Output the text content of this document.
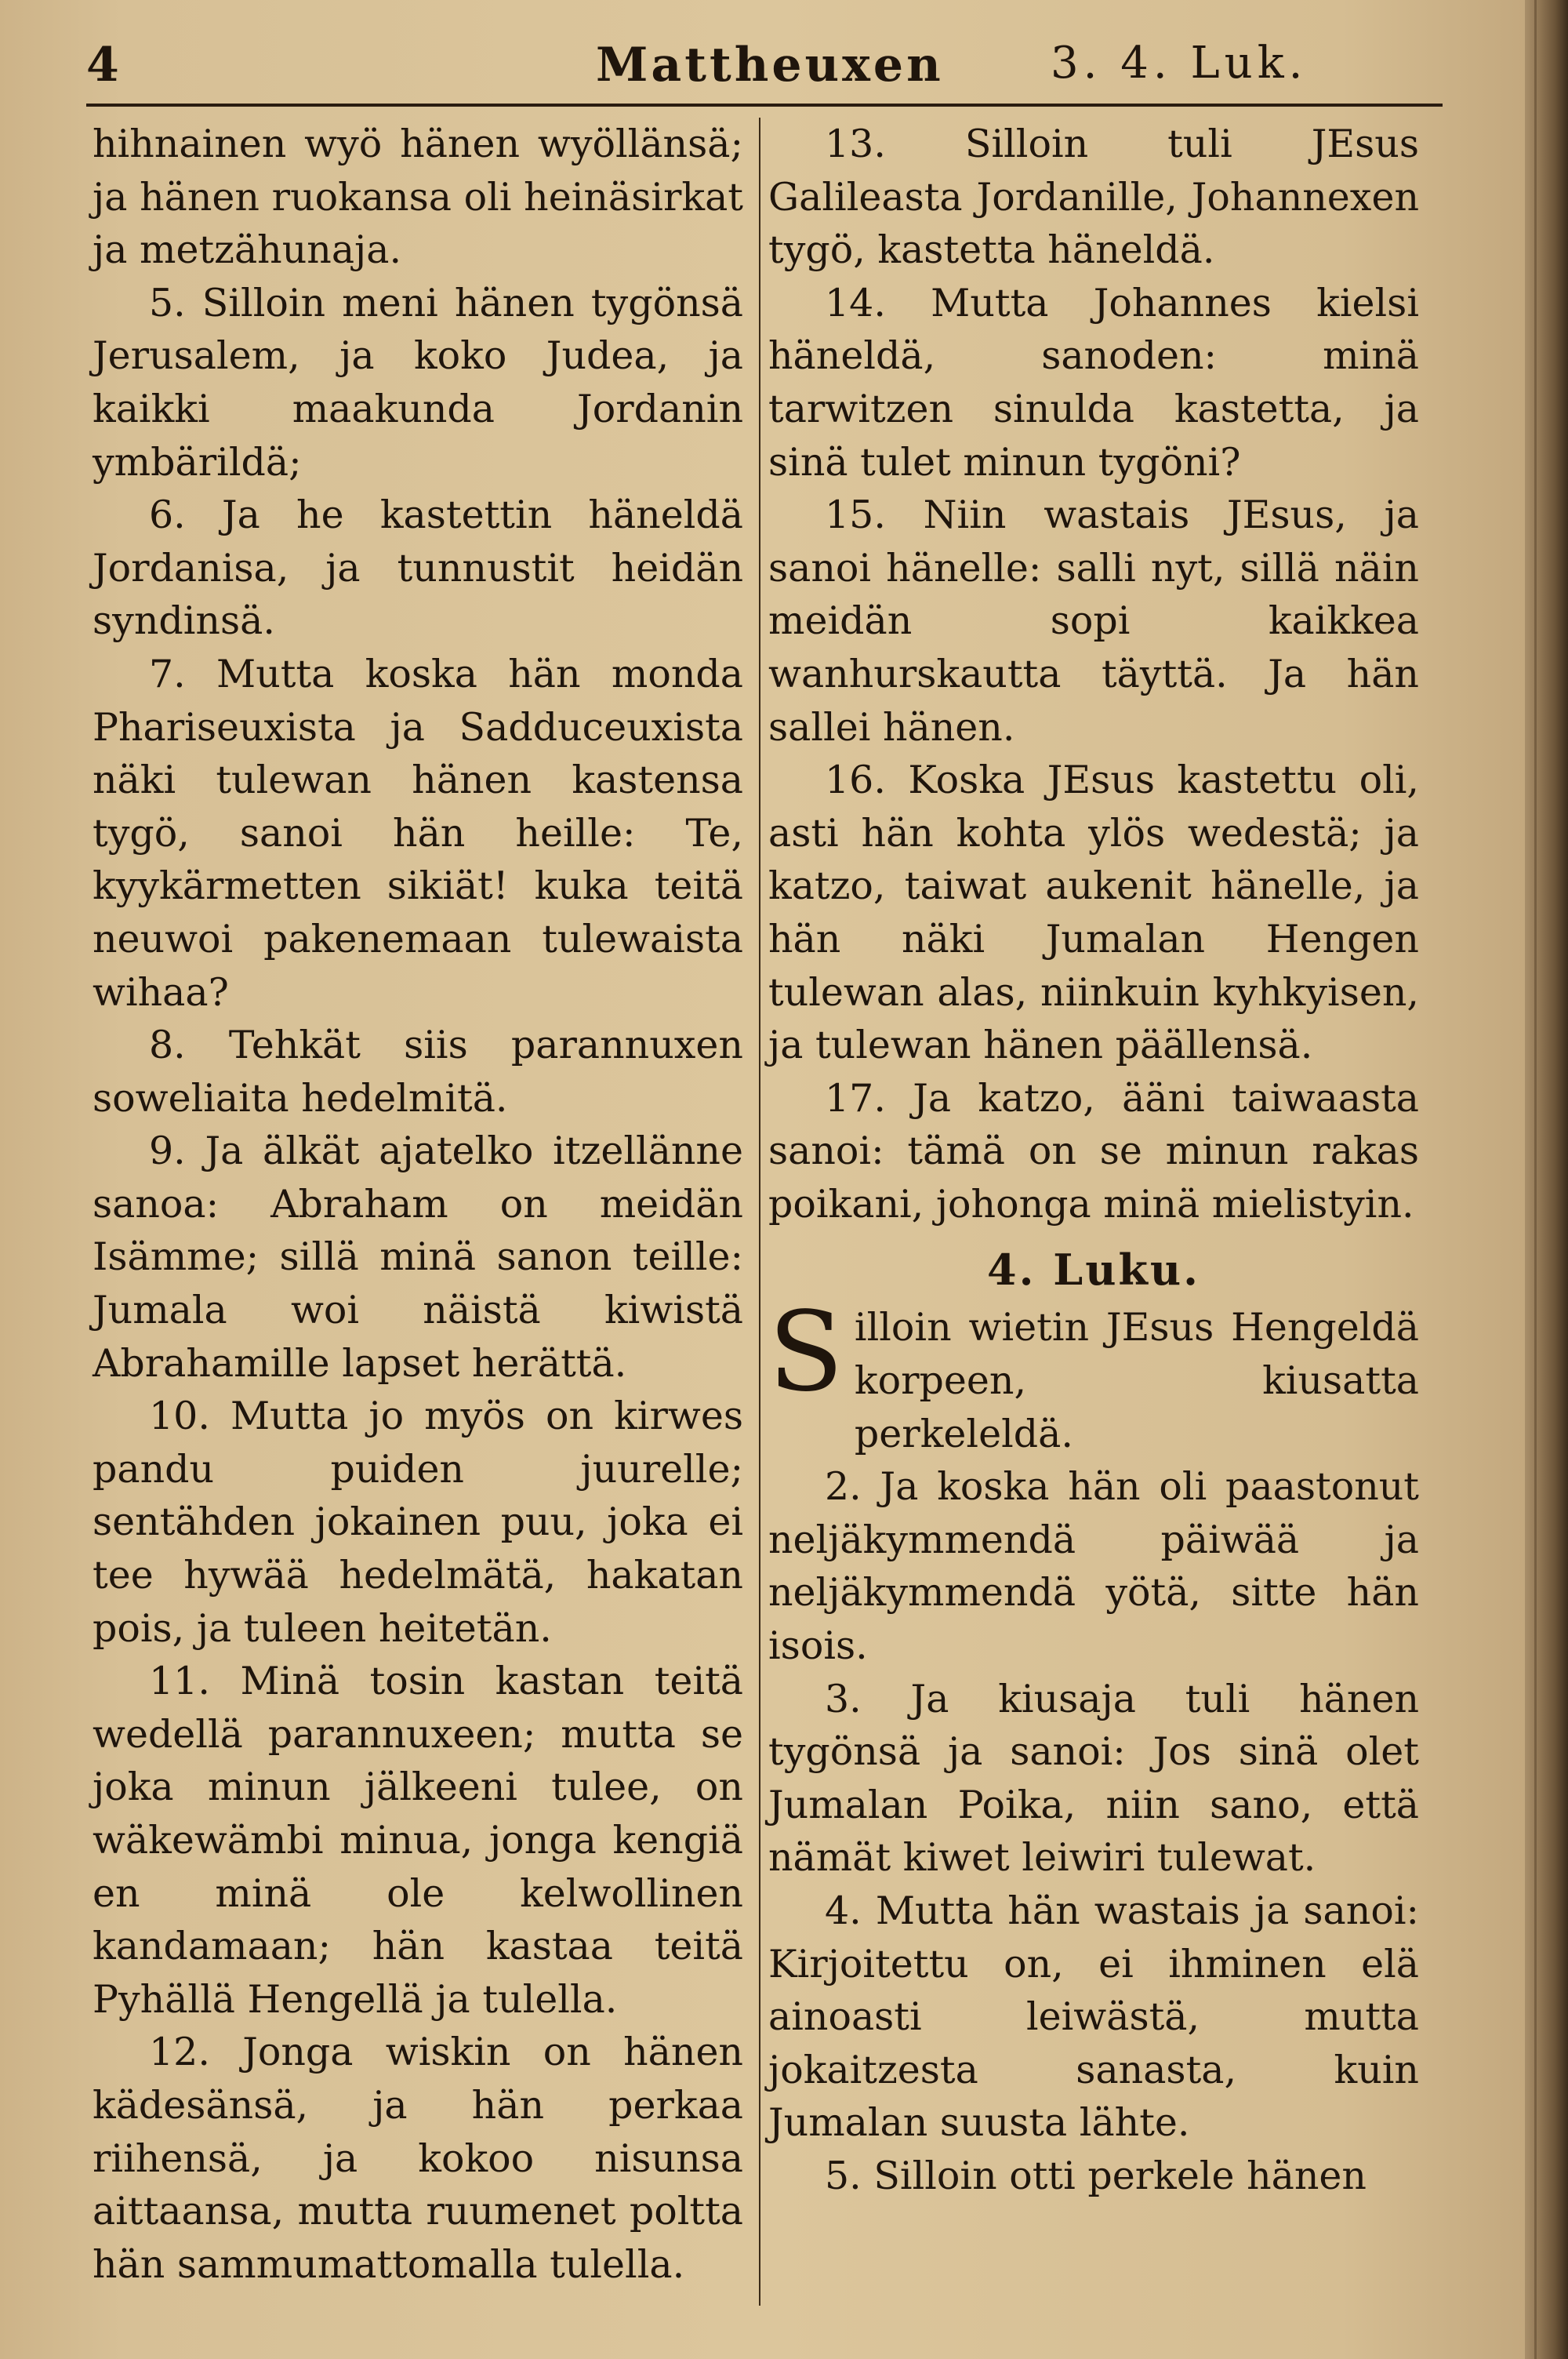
4	Mattheuxen 3. 4. Luk.

hihnainen wyö hänen wyöllänsä; ja hänen ruokansa oli heinäsirkat ja metzähunaja.

5. Silloin meni hänen tygönsä Jerusalem, ja koko Judea, ja kaikki maakunda Jordanin ymbärildä;

6. Ja he kastettin häneldä Jordanisa, ja tunnustit heidän syndinsä.

7. Mutta koska hän monda Phariseuxista ja Sadduceuxista näki tulewan hänen kastensa tygö, sanoi hän heille: Te, kyykärmetten sikiät! kuka teitä neuwoi pakenemaan tulewaista wihaa?

8. Tehkät siis parannuxen soweliaita hedelmitä.

9. Ja älkät ajatelko itzellänne sanoa: Abraham on meidän Isämme; sillä minä sanon teille: Jumala woi näistä kiwistä Abrahamille lapset herättä.

10. Mutta jo myös on kirwes pandu puiden juurelle; sentähden jokainen puu, joka ei tee hywää hedelmätä, hakatan pois, ja tuleen heitetän.

11. Minä tosin kastan teitä wedellä parannuxeen; mutta se joka minun jälkeeni tulee, on wäkewämbi minua, jonga kengiä en minä ole kelwollinen kandamaan; hän kastaa teitä Pyhällä Hengellä ja tulella.

12. Jonga wiskin on hänen kädesänsä, ja hän perkaa riihensä, ja kokoo nisunsa aittaansa, mutta ruumenet poltta hän sammumattomalla tulella.

13. Silloin tuli JEsus Galileasta Jordanille, Johannexen tygö, kastetta häneldä.

14. Mutta Johannes kielsi häneldä, sanoden: minä tarwitzen sinulda kastetta, ja sinä tulet minun tygöni?

15. Niin wastais JEsus, ja sanoi hänelle: salli nyt, sillä näin meidän sopi kaikkea wanhurskautta täyttä. Ja hän sallei hänen.

16. Koska JEsus kastettu oli, asti hän kohta ylös wedestä; ja katzo, taiwat aukenit hänelle, ja hän näki Jumalan Hengen tulewan alas, niinkuin kyhkyisen, ja tulewan hänen päällensä.

17. Ja katzo, ääni taiwaasta sanoi: tämä on se minun rakas poikani, johonga minä mielistyin.

4. Luku.

Silloin wietin JEsus Hengeldä korpeen, kiusatta perkeleldä.

2. Ja koska hän oli paastonut neljäkymmendä päiwää ja neljäkymmendä yötä, sitte hän isois.

3. Ja kiusaja tuli hänen tygönsä ja sanoi: Jos sinä olet Jumalan Poika, niin sano, että nämät kiwet leiwiri tulewat.

4. Mutta hän wastais ja sanoi: Kirjoitettu on, ei ihminen elä ainoasti leiwästä, mutta jokaitzesta sanasta, kuin Jumalan suusta lähte.

5. Silloin otti perkele hänen
